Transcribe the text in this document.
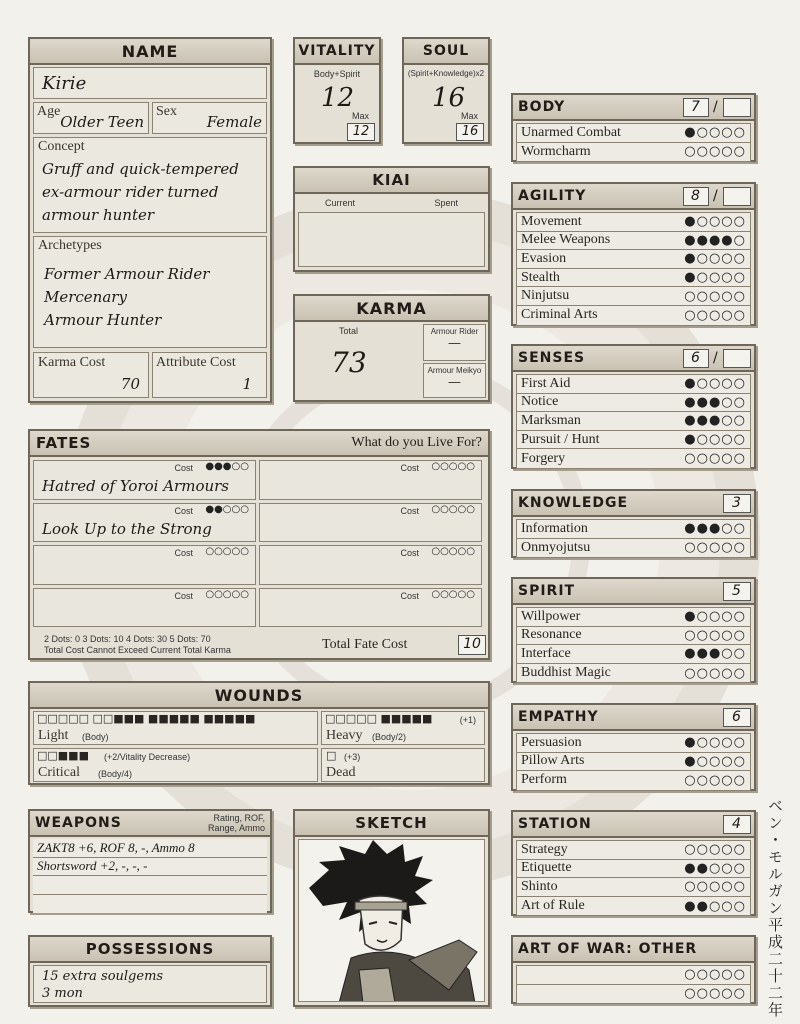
NAME
Kirie
Age
Older Teen
Sex
Female
Concept
Gruff and quick-tempered
ex-armour rider turned
armour hunter
Archetypes
Former Armour Rider
Mercenary
Armour Hunter
Karma Cost
70
Attribute Cost
1
VITALITY
Body+Spirit
12
Max
12
SOUL
(Spirit+Knowledge)x2
16
Max
16
KIAI
Current	Spent
KARMA
Total
73
Armour Rider
—
Armour Meikyo
—
FATES	What do you Live For?
Cost ●●●○○
Hatred of Yoroi Armours
Cost ○○○○○
Cost ●●○○○
Look Up to the Strong
Cost ○○○○○
Cost ○○○○○	Cost ○○○○○
Cost ○○○○○	Cost ○○○○○
2 Dots: 0 3 Dots: 10 4 Dots: 30 5 Dots: 70
Total Cost Cannot Exceed Current Total Karma	Total Fate Cost	10
WOUNDS
□□□□□ □□■■■ ■■■■■ ■■■■■
Light (Body)
□□□□□ ■■■■■	(+1)
Heavy (Body/2)
□□■■■ (+2/Vitality Decrease)
Critical (Body/4)
□ (+3)
Dead
WEAPONS	Rating, ROF, Range, Ammo
ZAKT8 +6, ROF 8, -, Ammo 8
Shortsword +2, -, -, -
POSSESSIONS
15 extra soulgems
3 mon
SKETCH
BODY	7 /
Unarmed Combat	●○○○○
Wormcharm	○○○○○
AGILITY	8 /
Movement	●○○○○
Melee Weapons	●●●●○
Evasion	●○○○○
Stealth	●○○○○
Ninjutsu	○○○○○
Criminal Arts	○○○○○
SENSES	6 /
First Aid	●○○○○
Notice	●●●○○
Marksman	●●●○○
Pursuit / Hunt	●○○○○
Forgery	○○○○○
KNOWLEDGE	3
Information	●●●○○
Onmyojutsu	○○○○○
SPIRIT	5
Willpower	●○○○○
Resonance	○○○○○
Interface	●●●○○
Buddhist Magic	○○○○○
EMPATHY	6
Persuasion	●○○○○
Pillow Arts	●○○○○
Perform	○○○○○
STATION	4
Strategy	○○○○○
Etiquette	●●○○○
Shinto	○○○○○
Art of Rule	●●○○○
ART OF WAR: OTHER
○○○○○
○○○○○ ベン・モルガン平成二十二年
